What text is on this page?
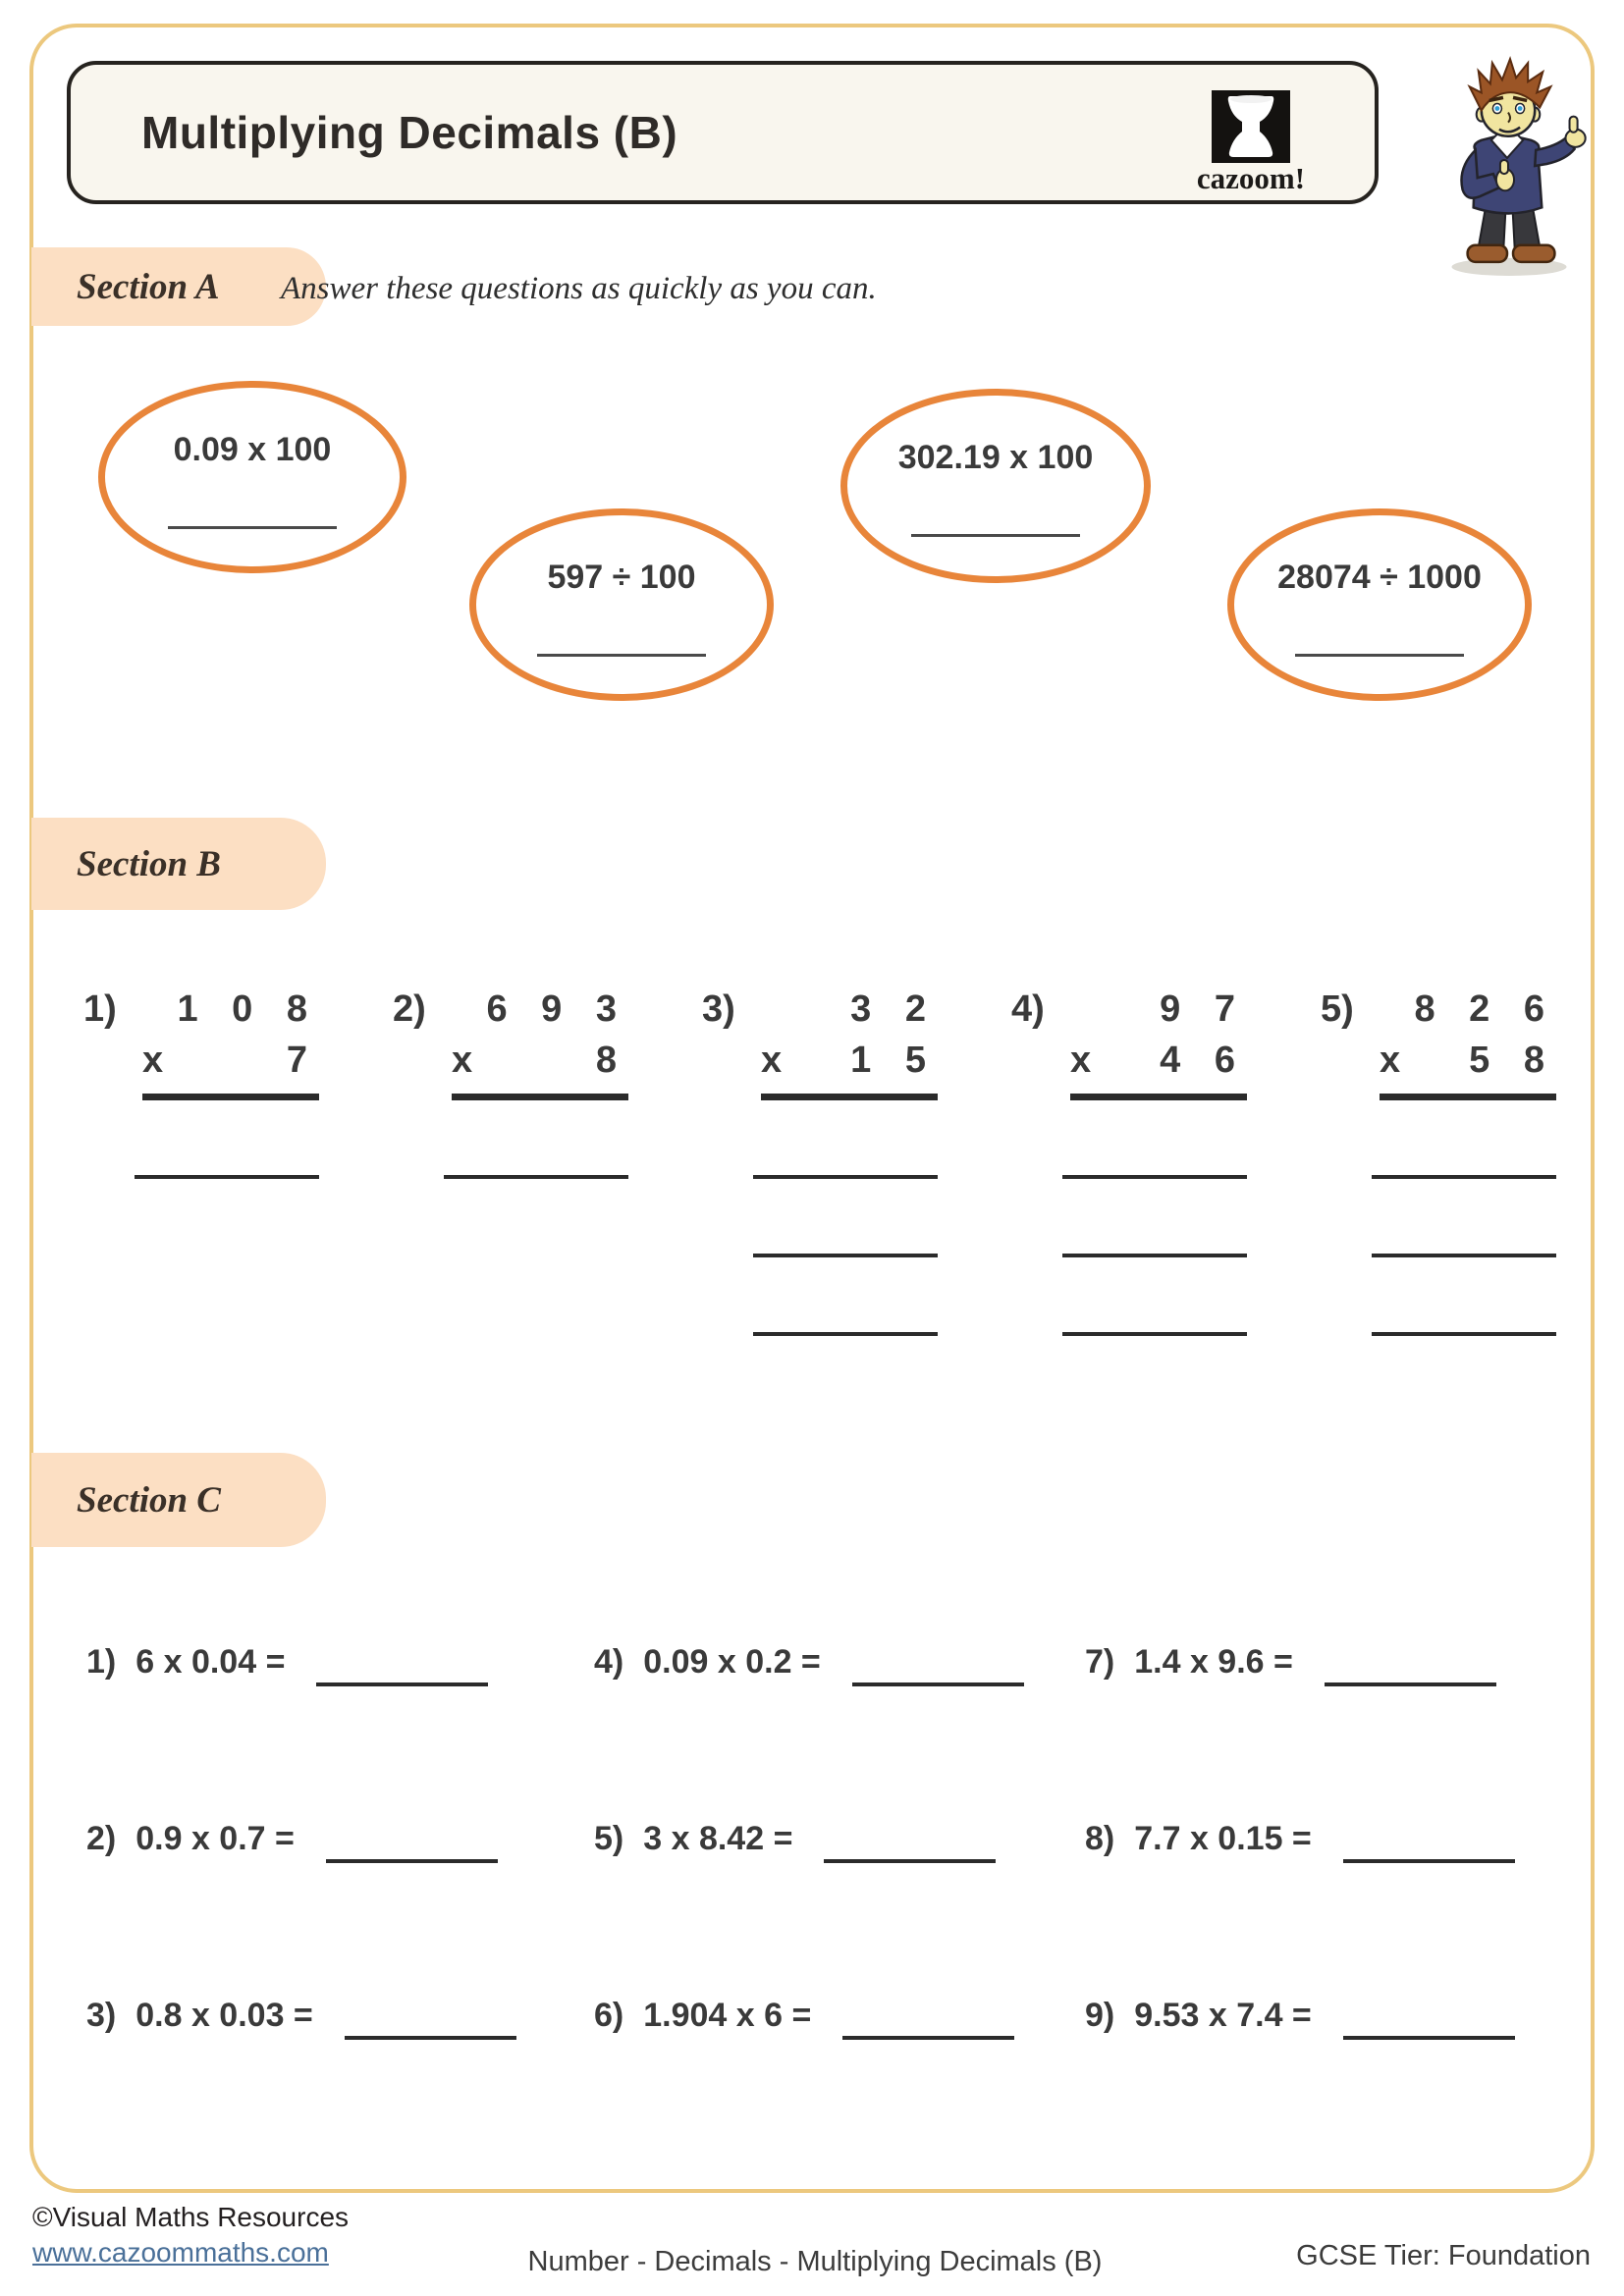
Multiplying Decimals (B)
cazoom!
Section A Answer these questions as quickly as you can.
0.09 x 100
597 ÷ 100
302.19 x 100
28074 ÷ 1000
Section B
1)	1 0 8
x	7
2)	6 9 3
x	8
3)	3 2
x	1 5
4)	9 7
x	4 6
5)	8 2 6
x	5 8
Section C
1) 6 x 0.04 =	4) 0.09 x 0.2 =	7) 1.4 x 9.6 =
2) 0.9 x 0.7 =	5) 3 x 8.42 =	8) 7.7 x 0.15 =
3) 0.8 x 0.03 =	6) 1.904 x 6 =	9) 9.53 x 7.4 =
©Visual Maths Resources
www.cazoommaths.com	Number - Decimals - Multiplying Decimals (B)	GCSE Tier: Foundation
